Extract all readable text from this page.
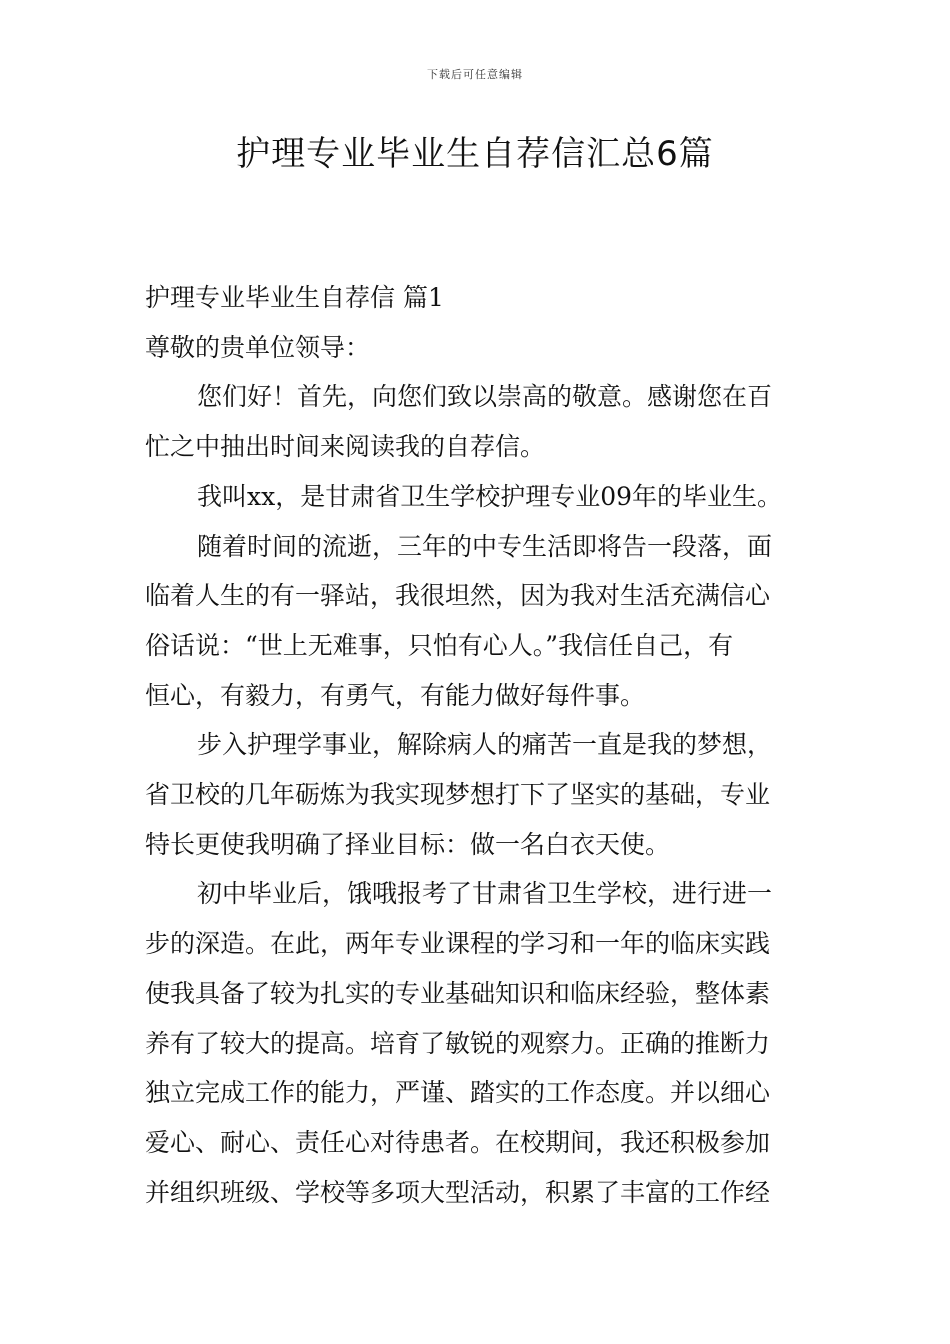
下载后可任意编辑
护理专业毕业生自荐信汇总6篇
护理专业毕业生自荐信 篇1
尊敬的贵单位领导：
您们好！首先，向您们致以崇高的敬意。感谢您在百
忙之中抽出时间来阅读我的自荐信。
我叫xx，是甘肃省卫生学校护理专业09年的毕业生。
随着时间的流逝，三年的中专生活即将告一段落，面
临着人生的有一驿站，我很坦然，因为我对生活充满信心
俗话说：“世上无难事，只怕有心人。”我信任自己，有
恒心，有毅力，有勇气，有能力做好每件事。
步入护理学事业，解除病人的痛苦一直是我的梦想，
省卫校的几年砺炼为我实现梦想打下了坚实的基础，专业
特长更使我明确了择业目标：做一名白衣天使。
初中毕业后，饿哦报考了甘肃省卫生学校，进行进一
步的深造。在此，两年专业课程的学习和一年的临床实践
使我具备了较为扎实的专业基础知识和临床经验，整体素
养有了较大的提高。培育了敏锐的观察力。正确的推断力
独立完成工作的能力，严谨、踏实的工作态度。并以细心
爱心、耐心、责任心对待患者。在校期间，我还积极参加
并组织班级、学校等多项大型活动，积累了丰富的工作经
